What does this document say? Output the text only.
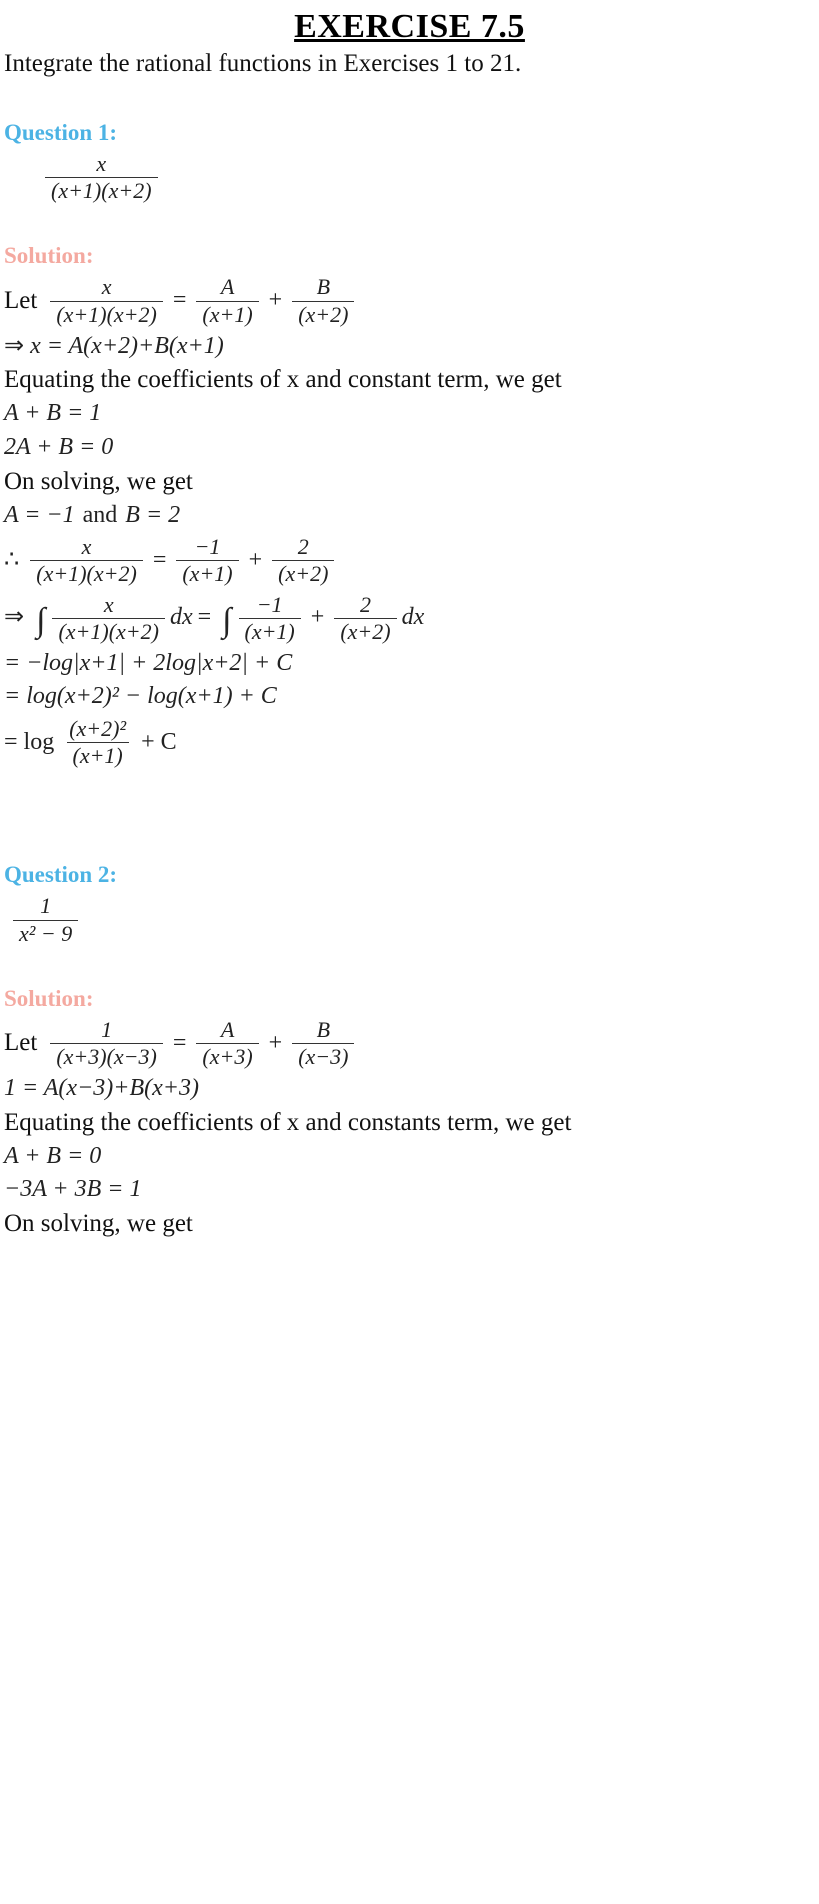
EXERCISE 7.5
Integrate the rational functions in Exercises 1 to 21.
Question 1:
$\frac{x}{(x+1)(x+2)}$
Solution:
Let $\frac{x}{(x+1)(x+2)} = \frac{A}{(x+1)} + \frac{B}{(x+2)}$
⇒ x = A(x+2)+B(x+1)
Equating the coefficients of x and constant term, we get
A + B = 1
2A + B = 0
On solving, we get
A = −1 and B = 2
∴ $\frac{x}{(x+1)(x+2)} = \frac{-1}{(x+1)} + \frac{2}{(x+2)}$
⇒ ∫ $\frac{x}{(x+1)(x+2)}$ dx = ∫ $\frac{-1}{(x+1)} + \frac{2}{(x+2)}$ dx
= −log|x+1| + 2log|x+2| + C
= log(x+2)² − log(x+1) + C
= $\log \frac{\text{(x+2)²}}{(x+1)} + C$
Question 2:
$\frac{1}{\text{x² − 9}}$
Solution:
Let $\frac{1}{(x+3)(x-3)} = \frac{A}{(x+3)} + \frac{B}{(x-3)}$
1 = A(x−3)+B(x+3)
Equating the coefficients of x and constants term, we get
A + B = 0
−3A + 3B = 1
On solving, we get
